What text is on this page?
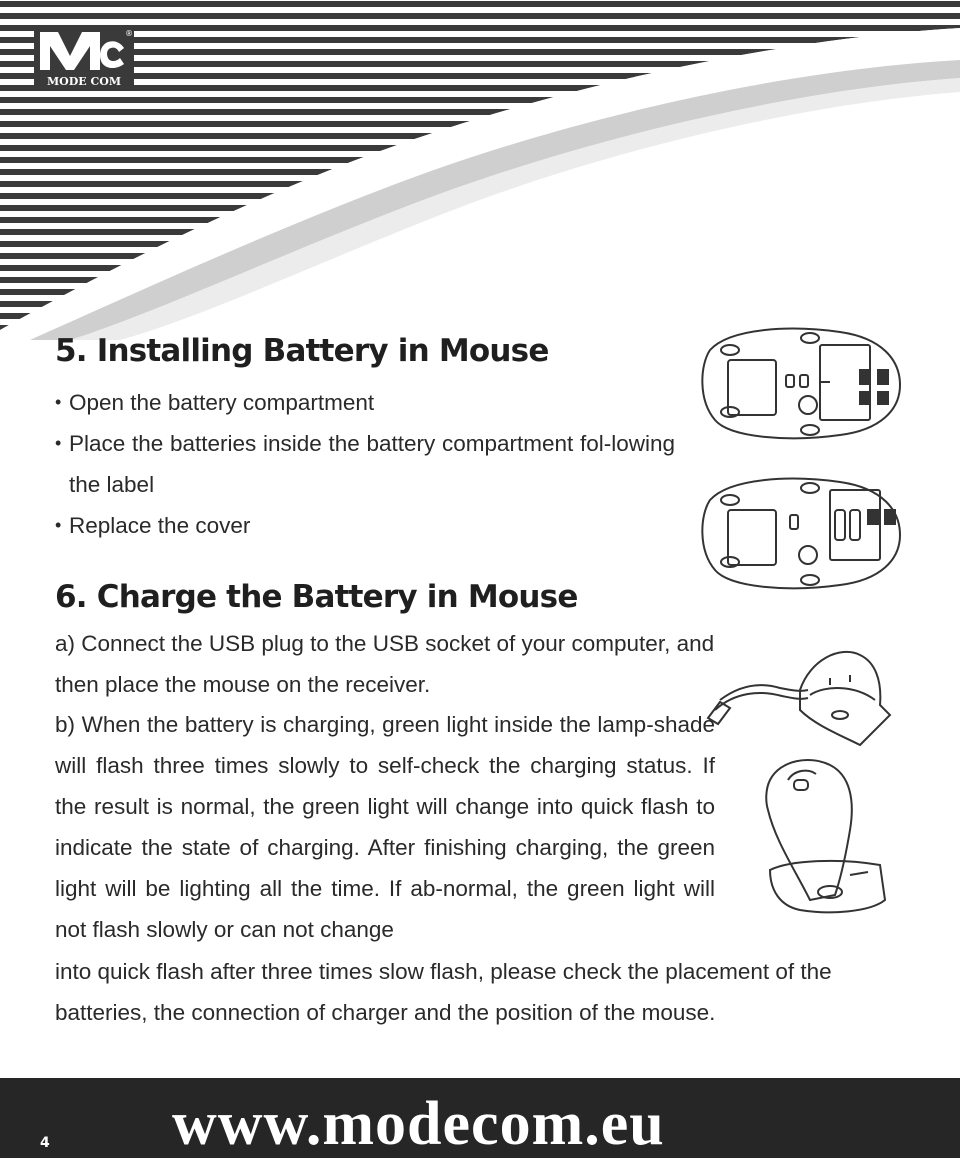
MODE COM
®
5. Installing Battery in Mouse
• Open the battery compartment
• Place the batteries inside the battery compartment fol-lowing the label
• Replace the cover
6. Charge the Battery in Mouse

a) Connect the USB plug to the USB socket of your computer, and then place the mouse on the receiver.

b) When the battery is charging, green light inside the lamp-shade will flash three times slowly to self-check the charging status. If the result is normal, the green light will change into quick flash to indicate the state of charging. After finishing charging, the green light will be lighting all the time. If ab-normal, the green light will not flash slowly or can not change

into quick flash after three times slow flash, please check the placement of the batteries, the connection of charger and the position of the mouse.

4 www.modecom.eu
